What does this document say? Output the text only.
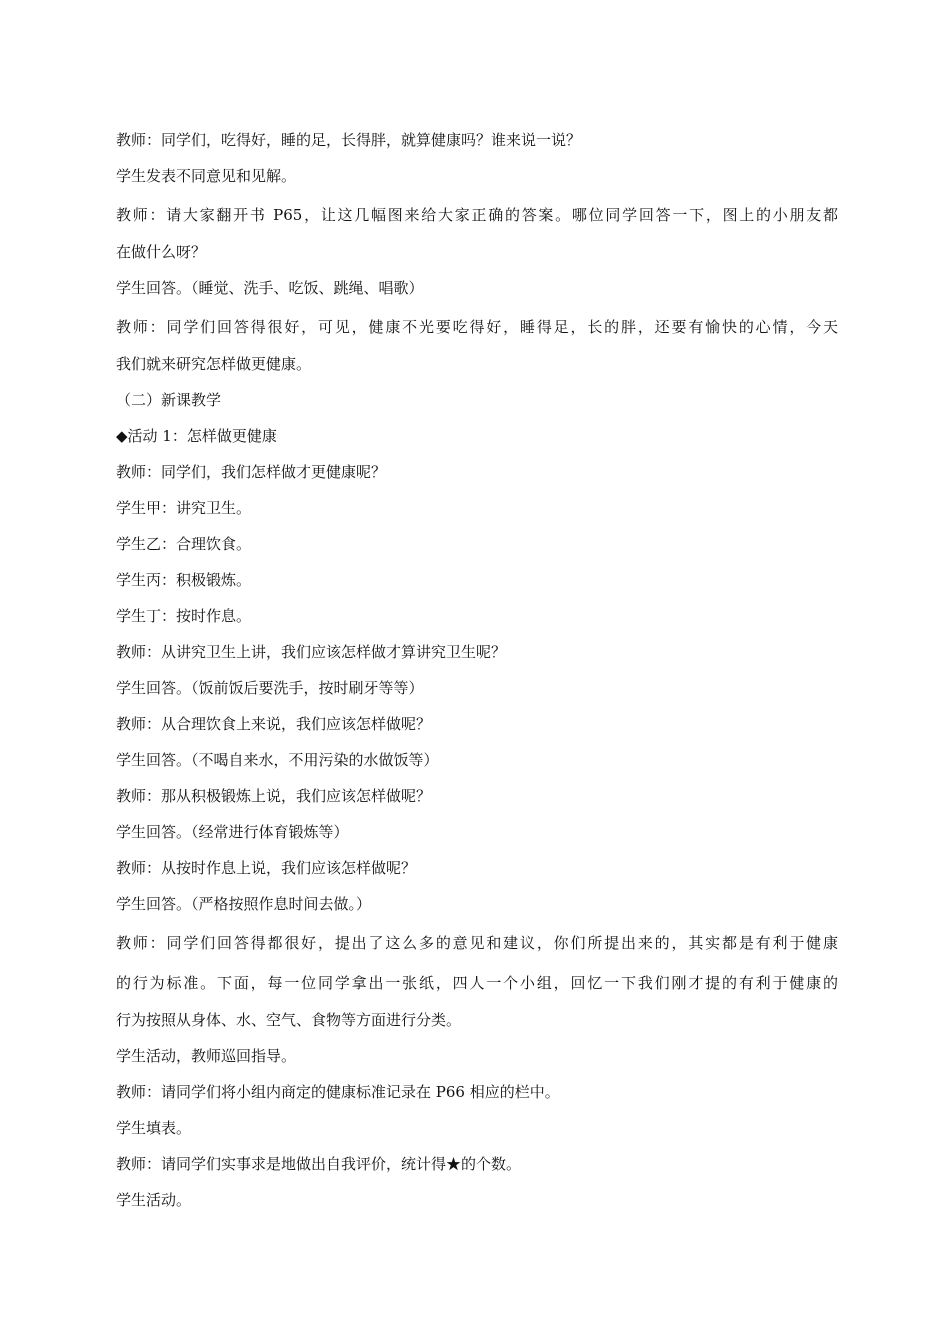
教师：同学们，吃得好，睡的足，长得胖，就算健康吗？谁来说一说？
学生发表不同意见和见解。
教师：请大家翻开书 P65，让这几幅图来给大家正确的答案。哪位同学回答一下，图上的小朋友都
在做什么呀？
学生回答。（睡觉、洗手、吃饭、跳绳、唱歌）
教师：同学们回答得很好，可见，健康不光要吃得好，睡得足，长的胖，还要有愉快的心情，今天
我们就来研究怎样做更健康。
（二）新课教学
◆活动 1：怎样做更健康
教师：同学们，我们怎样做才更健康呢？
学生甲：讲究卫生。
学生乙：合理饮食。
学生丙：积极锻炼。
学生丁：按时作息。
教师：从讲究卫生上讲，我们应该怎样做才算讲究卫生呢？
学生回答。（饭前饭后要洗手，按时刷牙等等）
教师：从合理饮食上来说，我们应该怎样做呢？
学生回答。（不喝自来水，不用污染的水做饭等）
教师：那从积极锻炼上说，我们应该怎样做呢？
学生回答。（经常进行体育锻炼等）
教师：从按时作息上说，我们应该怎样做呢？
学生回答。（严格按照作息时间去做。）
教师：同学们回答得都很好，提出了这么多的意见和建议，你们所提出来的，其实都是有利于健康
的行为标准。下面，每一位同学拿出一张纸，四人一个小组，回忆一下我们刚才提的有利于健康的
行为按照从身体、水、空气、食物等方面进行分类。
学生活动，教师巡回指导。
教师：请同学们将小组内商定的健康标准记录在 P66 相应的栏中。
学生填表。
教师：请同学们实事求是地做出自我评价，统计得★的个数。
学生活动。
